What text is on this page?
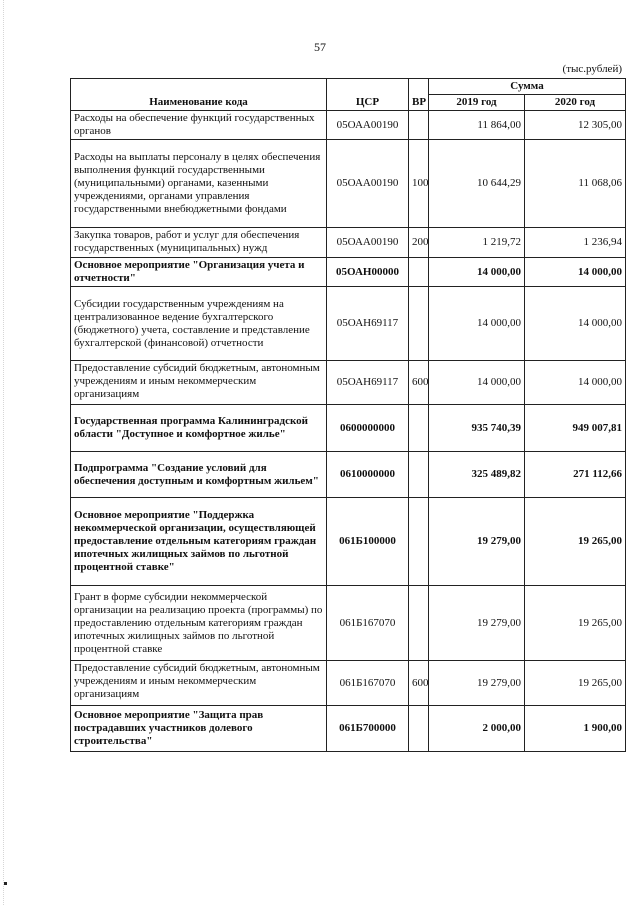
57
(тыс.рублей)
Наименование кода	ЦСР	ВР	Сумма	
			2019 год	2020 год
Расходы на обеспечение функций государственных органов	05ОАА00190		11 864,00	12 305,00
Расходы на выплаты персоналу в целях обеспечения выполнения функций государственными (муниципальными) органами, казенными учреждениями, органами управления государственными внебюджетными фондами	05ОАА00190	100	10 644,29	11 068,06
Закупка товаров, работ и услуг для обеспечения государственных (муниципальных) нужд	05ОАА00190	200	1 219,72	1 236,94
Основное мероприятие "Организация учета и отчетности"	05ОАН00000		14 000,00	14 000,00
Субсидии государственным учреждениям на централизованное ведение бухгалтерского (бюджетного) учета, составление и представление бухгалтерской (финансовой) отчетности	05ОАН69117		14 000,00	14 000,00
Предоставление субсидий бюджетным, автономным учреждениям и иным некоммерческим организациям	05ОАН69117	600	14 000,00	14 000,00
Государственная программа Калининградской области "Доступное и комфортное жилье"	0600000000		935 740,39	949 007,81
Подпрограмма "Создание условий для обеспечения доступным и комфортным жильем"	0610000000		325 489,82	271 112,66
Основное мероприятие "Поддержка некоммерческой организации, осуществляющей предоставление отдельным категориям граждан ипотечных жилищных займов по льготной процентной ставке"	061Б100000		19 279,00	19 265,00
Грант в форме субсидии некоммерческой организации на реализацию проекта (программы) по предоставлению отдельным категориям граждан ипотечных жилищных займов по льготной процентной ставке	061Б167070		19 279,00	19 265,00
Предоставление субсидий бюджетным, автономным учреждениям и иным некоммерческим организациям	061Б167070	600	19 279,00	19 265,00
Основное мероприятие "Защита прав пострадавших участников долевого строительства"	061Б700000		2 000,00	1 900,00
